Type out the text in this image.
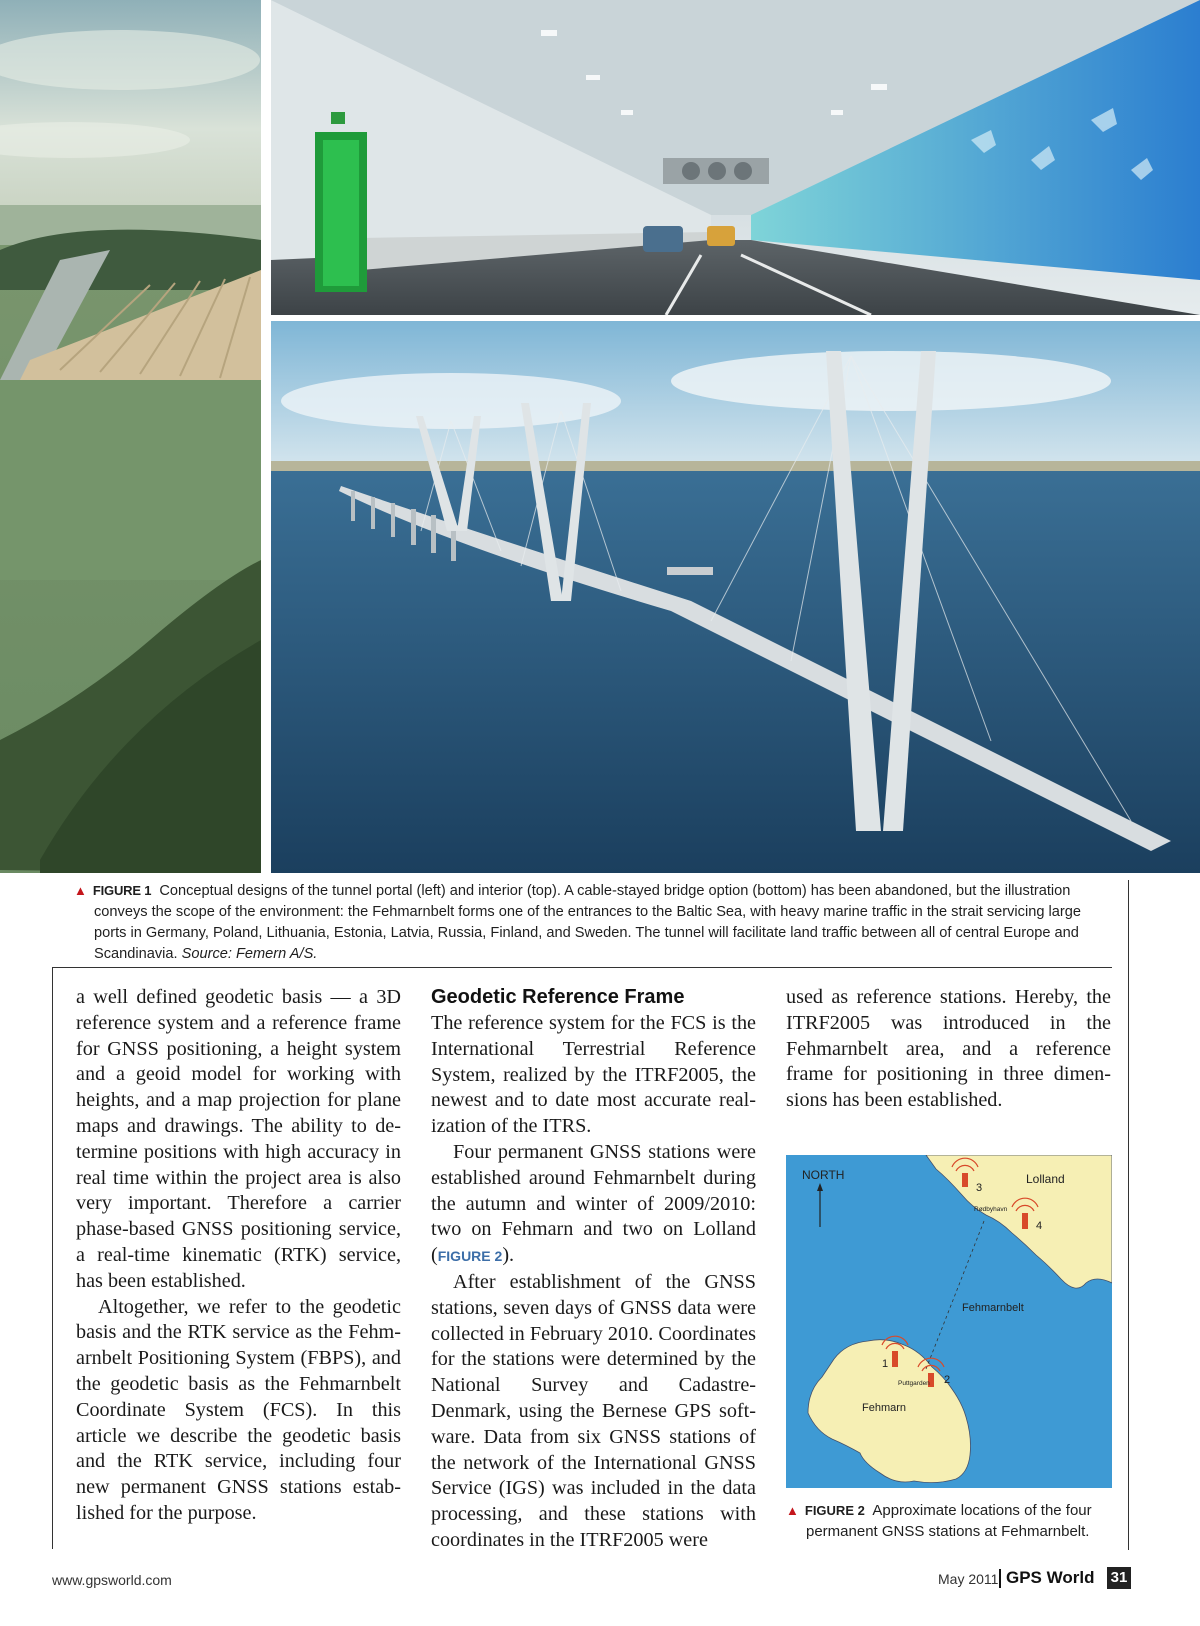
▲ FIGURE 1 Conceptual designs of the tunnel portal (left) and interior (top). A cable-stayed bridge option (bottom) has been abandoned, but the illustration conveys the scope of the environment: the Fehmarnbelt forms one of the entrances to the Baltic Sea, with heavy marine traffic in the strait servicing large ports in Germany, Poland, Lithuania, Estonia, Latvia, Russia, Finland, and Sweden. The tunnel will facilitate land traffic between all of central Europe and Scandinavia. Source: Femern A/S.

a well defined geodetic basis — a 3D reference system and a reference frame for GNSS positioning, a height system and a geoid model for working with heights, and a map projection for plane maps and drawings. The ability to determine positions with high accuracy in real time within the project area is also very important. Therefore a carrier phase-based GNSS positioning service, a real-time kinematic (RTK) service, has been established.

Altogether, we refer to the geodetic basis and the RTK service as the Fehmarnbelt Positioning System (FBPS), and the geodetic basis as the Fehmarnbelt Coordinate System (FCS). In this article we describe the geodetic basis and the RTK service, including four new permanent GNSS stations established for the purpose.

Geodetic Reference Frame

The reference system for the FCS is the International Terrestrial Reference System, realized by the ITRF2005, the newest and to date most accurate realization of the ITRS.

Four permanent GNSS stations were established around Fehmarnbelt during the autumn and winter of 2009/2010: two on Fehmarn and two on Lolland (FIGURE 2).

After establishment of the GNSS stations, seven days of GNSS data were collected in February 2010. Coordinates for the stations were determined by the National Survey and Cadastre-Denmark, using the Bernese GPS software. Data from six GNSS stations of the network of the International GNSS Service (IGS) was included in the data processing, and these stations with coordinates in the ITRF2005 were

used as reference stations. Hereby, the ITRF2005 was introduced in the Fehmarnbelt area, and a reference frame for positioning in three dimensions has been established.

NORTH	Lolland
Rødbyhavn
Fehmarnbelt
Puttgarden
Fehmarn
3
4
1
2
▲ FIGURE 2 Approximate locations of the four
permanent GNSS stations at Fehmarnbelt.
www.gpsworld.com	May 2011 GPS World 31
